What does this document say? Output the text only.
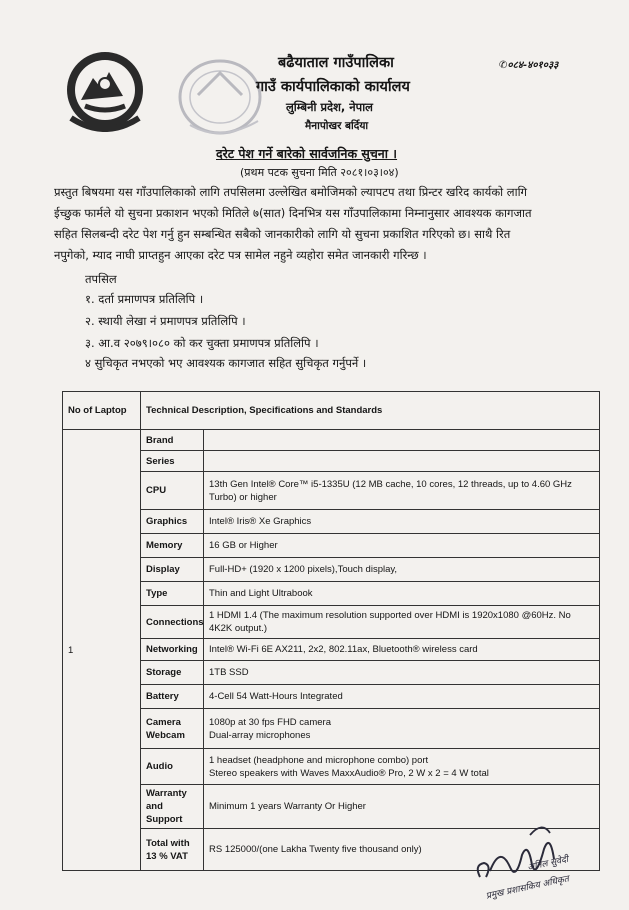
बढैयाताल गाउँपालिका
गाउँ कार्यपालिकाको कार्यालय
लुम्बिनी प्रदेश, नेपाल
मैनापोखर बर्दिया
✆०८४-४०१०३३
दरेट पेश गर्ने बारेको सार्वजनिक सुचना ।
(प्रथम पटक सुचना मिति २०८१।०३।०४)
प्रस्तुत बिषयमा यस गाँउपालिकाको लागि तपसिलमा उल्लेखित बमोजिमको ल्यापटप तथा प्रिन्टर खरिद कार्यको लागि
ईच्छुक फार्मले यो सुचना प्रकाशन भएको मितिले ७(सात) दिनभित्र यस गाँउपालिकामा निम्नानुसार आवश्यक कागजात
सहित सिलबन्दी दरेट पेश गर्नु हुन सम्बन्धित सबैको जानकारीको लागि यो सुचना प्रकाशित गरिएको छ। साथै रित
नपुगेको, म्याद नाघी प्राप्तहुन आएका दरेट पत्र सामेल नहुने व्यहोरा समेत जानकारी गरिन्छ ।
तपसिल
१. दर्ता प्रमाणपत्र प्रतिलिपि ।
२. स्थायी लेखा नं प्रमाणपत्र प्रतिलिपि ।
३. आ.व २०७९।०८० को कर चुक्ता प्रमाणपत्र प्रतिलिपि ।
४ सुचिकृत नभएको भए आवश्यक कागजात सहित सुचिकृत गर्नुपर्ने ।
No of Laptop	Technical Description, Specifications and Standards	
1	Brand	
	Series	
	CPU	13th Gen Intel® Core™ i5-1335U (12 MB cache, 10 cores, 12 threads, up to 4.60 GHz Turbo) or higher
	Graphics	Intel® Iris® Xe Graphics
	Memory	16 GB or Higher
	Display	Full-HD+ (1920 x 1200 pixels),Touch display,
	Type	Thin and Light Ultrabook
	Connections	1 HDMI 1.4 (The maximum resolution supported over HDMI is 1920x1080 @60Hz. No 4K2K output.)
	Networking	Intel® Wi-Fi 6E AX211, 2x2, 802.11ax, Bluetooth® wireless card
	Storage	1TB SSD
	Battery	4-Cell 54 Watt-Hours Integrated
	Camera Webcam	1080p at 30 fps FHD camera
Dual-array microphones
	Audio	1 headset (headphone and microphone combo) port
Stereo speakers with Waves MaxxAudio® Pro, 2 W x 2 = 4 W total
	Warranty and Support	Minimum 1 years Warranty Or Higher
	Total with 13 % VAT	RS 125000/(one Lakha Twenty five thousand only)
अनिल सुवेदी
प्रमुख प्रशासकिय अधिकृत
